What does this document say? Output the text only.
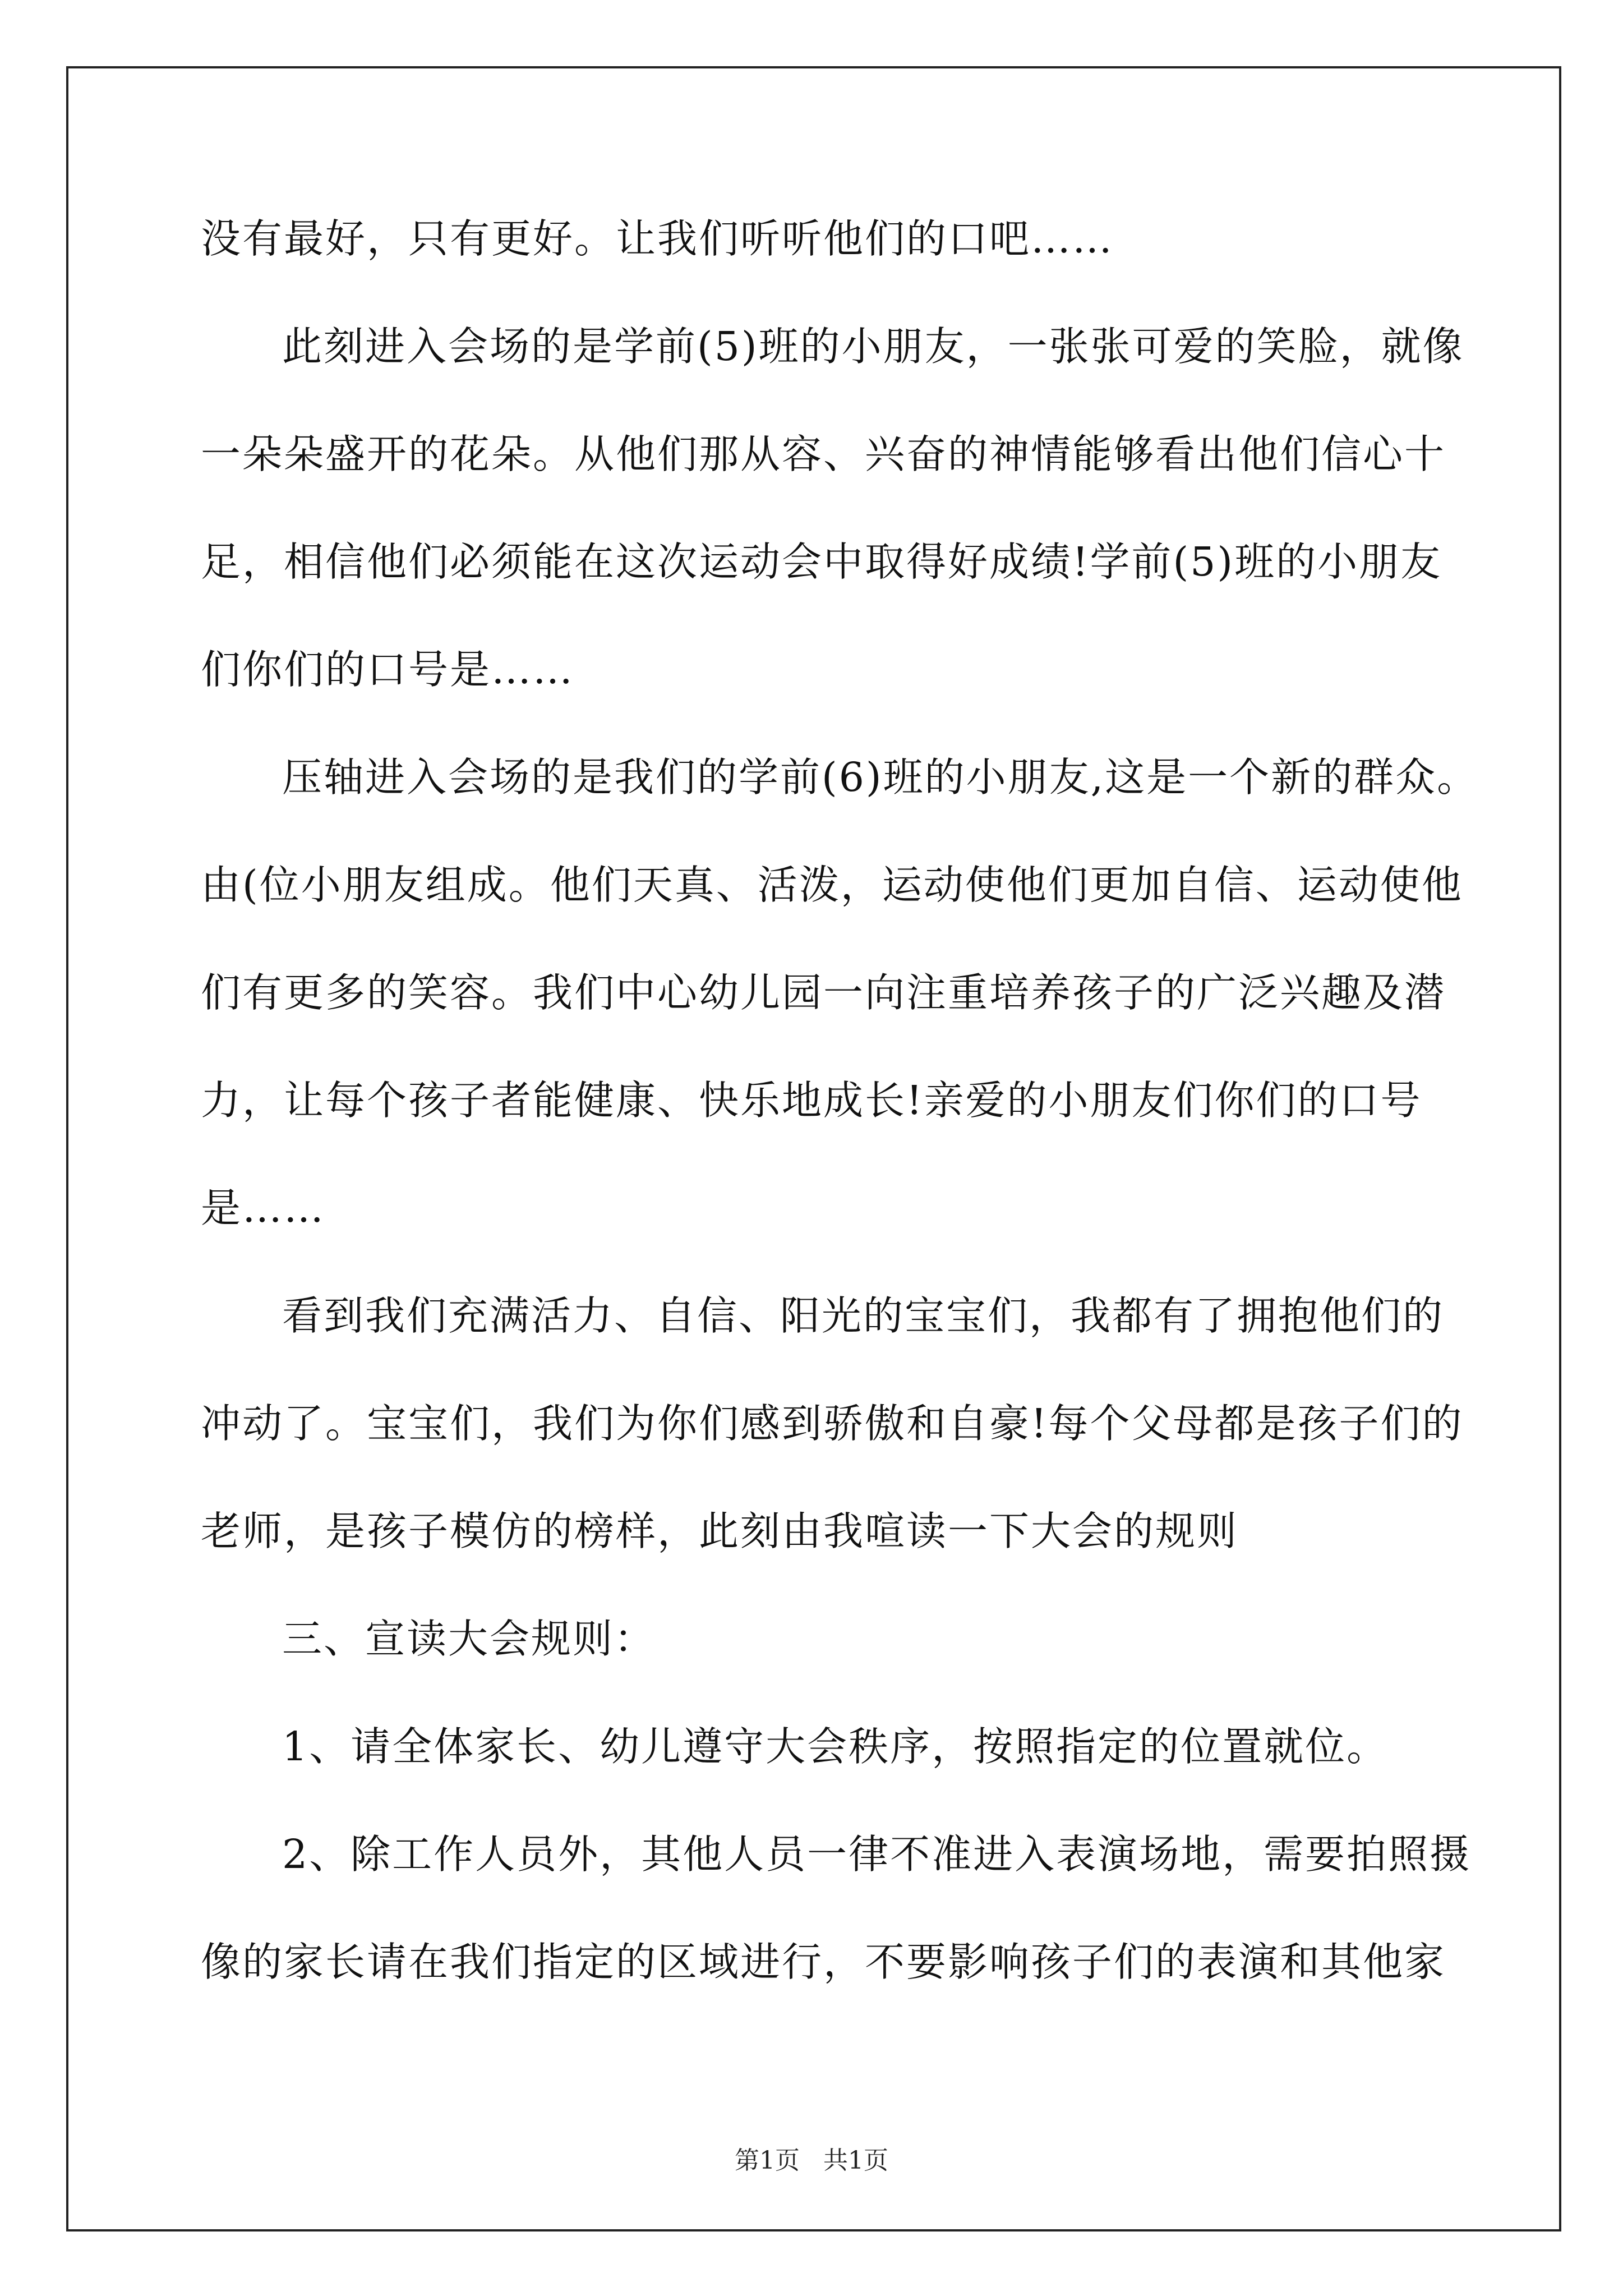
没有最好，只有更好。让我们听听他们的口吧……

此刻进入会场的是学前(5)班的小朋友，一张张可爱的笑脸，就像

一朵朵盛开的花朵。从他们那从容、兴奋的神情能够看出他们信心十

足，相信他们必须能在这次运动会中取得好成绩!学前(5)班的小朋友

们你们的口号是……

压轴进入会场的是我们的学前(6)班的小朋友,这是一个新的群众。

由(位小朋友组成。他们天真、活泼，运动使他们更加自信、运动使他

们有更多的笑容。我们中心幼儿园一向注重培养孩子的广泛兴趣及潜

力，让每个孩子者能健康、快乐地成长!亲爱的小朋友们你们的口号

是……

看到我们充满活力、自信、阳光的宝宝们，我都有了拥抱他们的

冲动了。宝宝们，我们为你们感到骄傲和自豪!每个父母都是孩子们的

老师，是孩子模仿的榜样，此刻由我喧读一下大会的规则

三、宣读大会规则：

1、请全体家长、幼儿遵守大会秩序，按照指定的位置就位。

2、除工作人员外，其他人员一律不准进入表演场地，需要拍照摄

像的家长请在我们指定的区域进行，不要影响孩子们的表演和其他家

第1页 共1页
